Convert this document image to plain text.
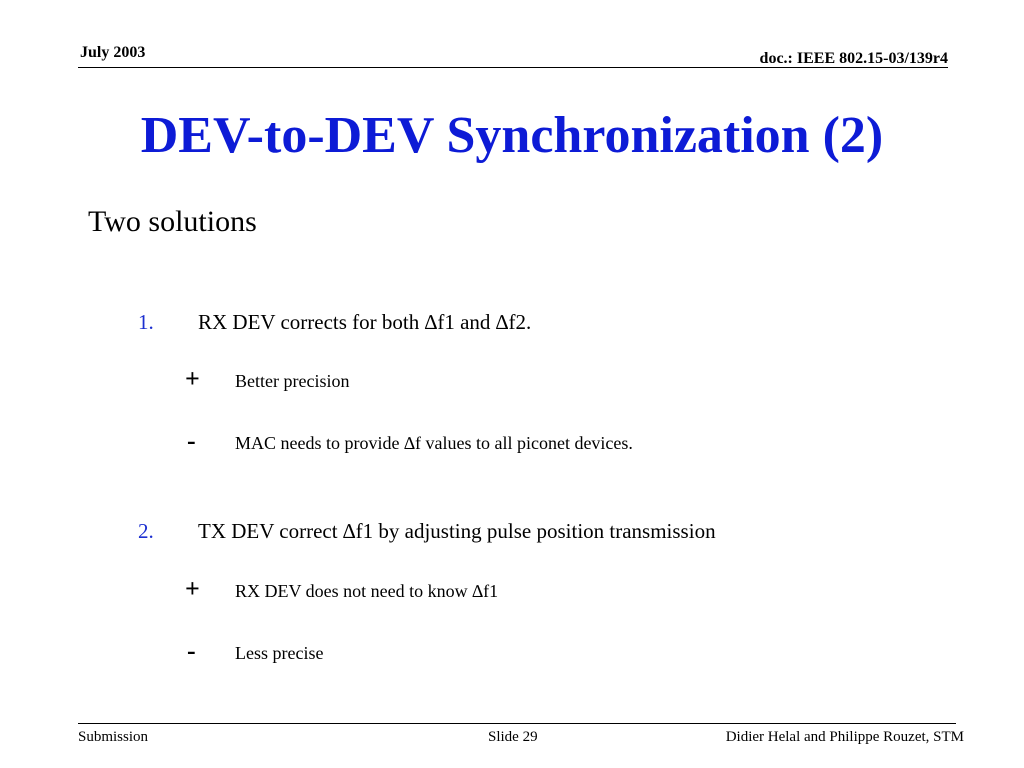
July 2003	doc.: IEEE 802.15-03/139r4
DEV-to-DEV Synchronization (2)
Two solutions
1. RX DEV corrects for both ∆f1 and ∆f2.
+ Better precision
- MAC needs to provide ∆f values to all piconet devices.
2. TX DEV correct ∆f1 by adjusting pulse position transmission
+ RX DEV does not need to know ∆f1
- Less precise
Submission	Slide 29	Didier Helal and Philippe Rouzet, STM
